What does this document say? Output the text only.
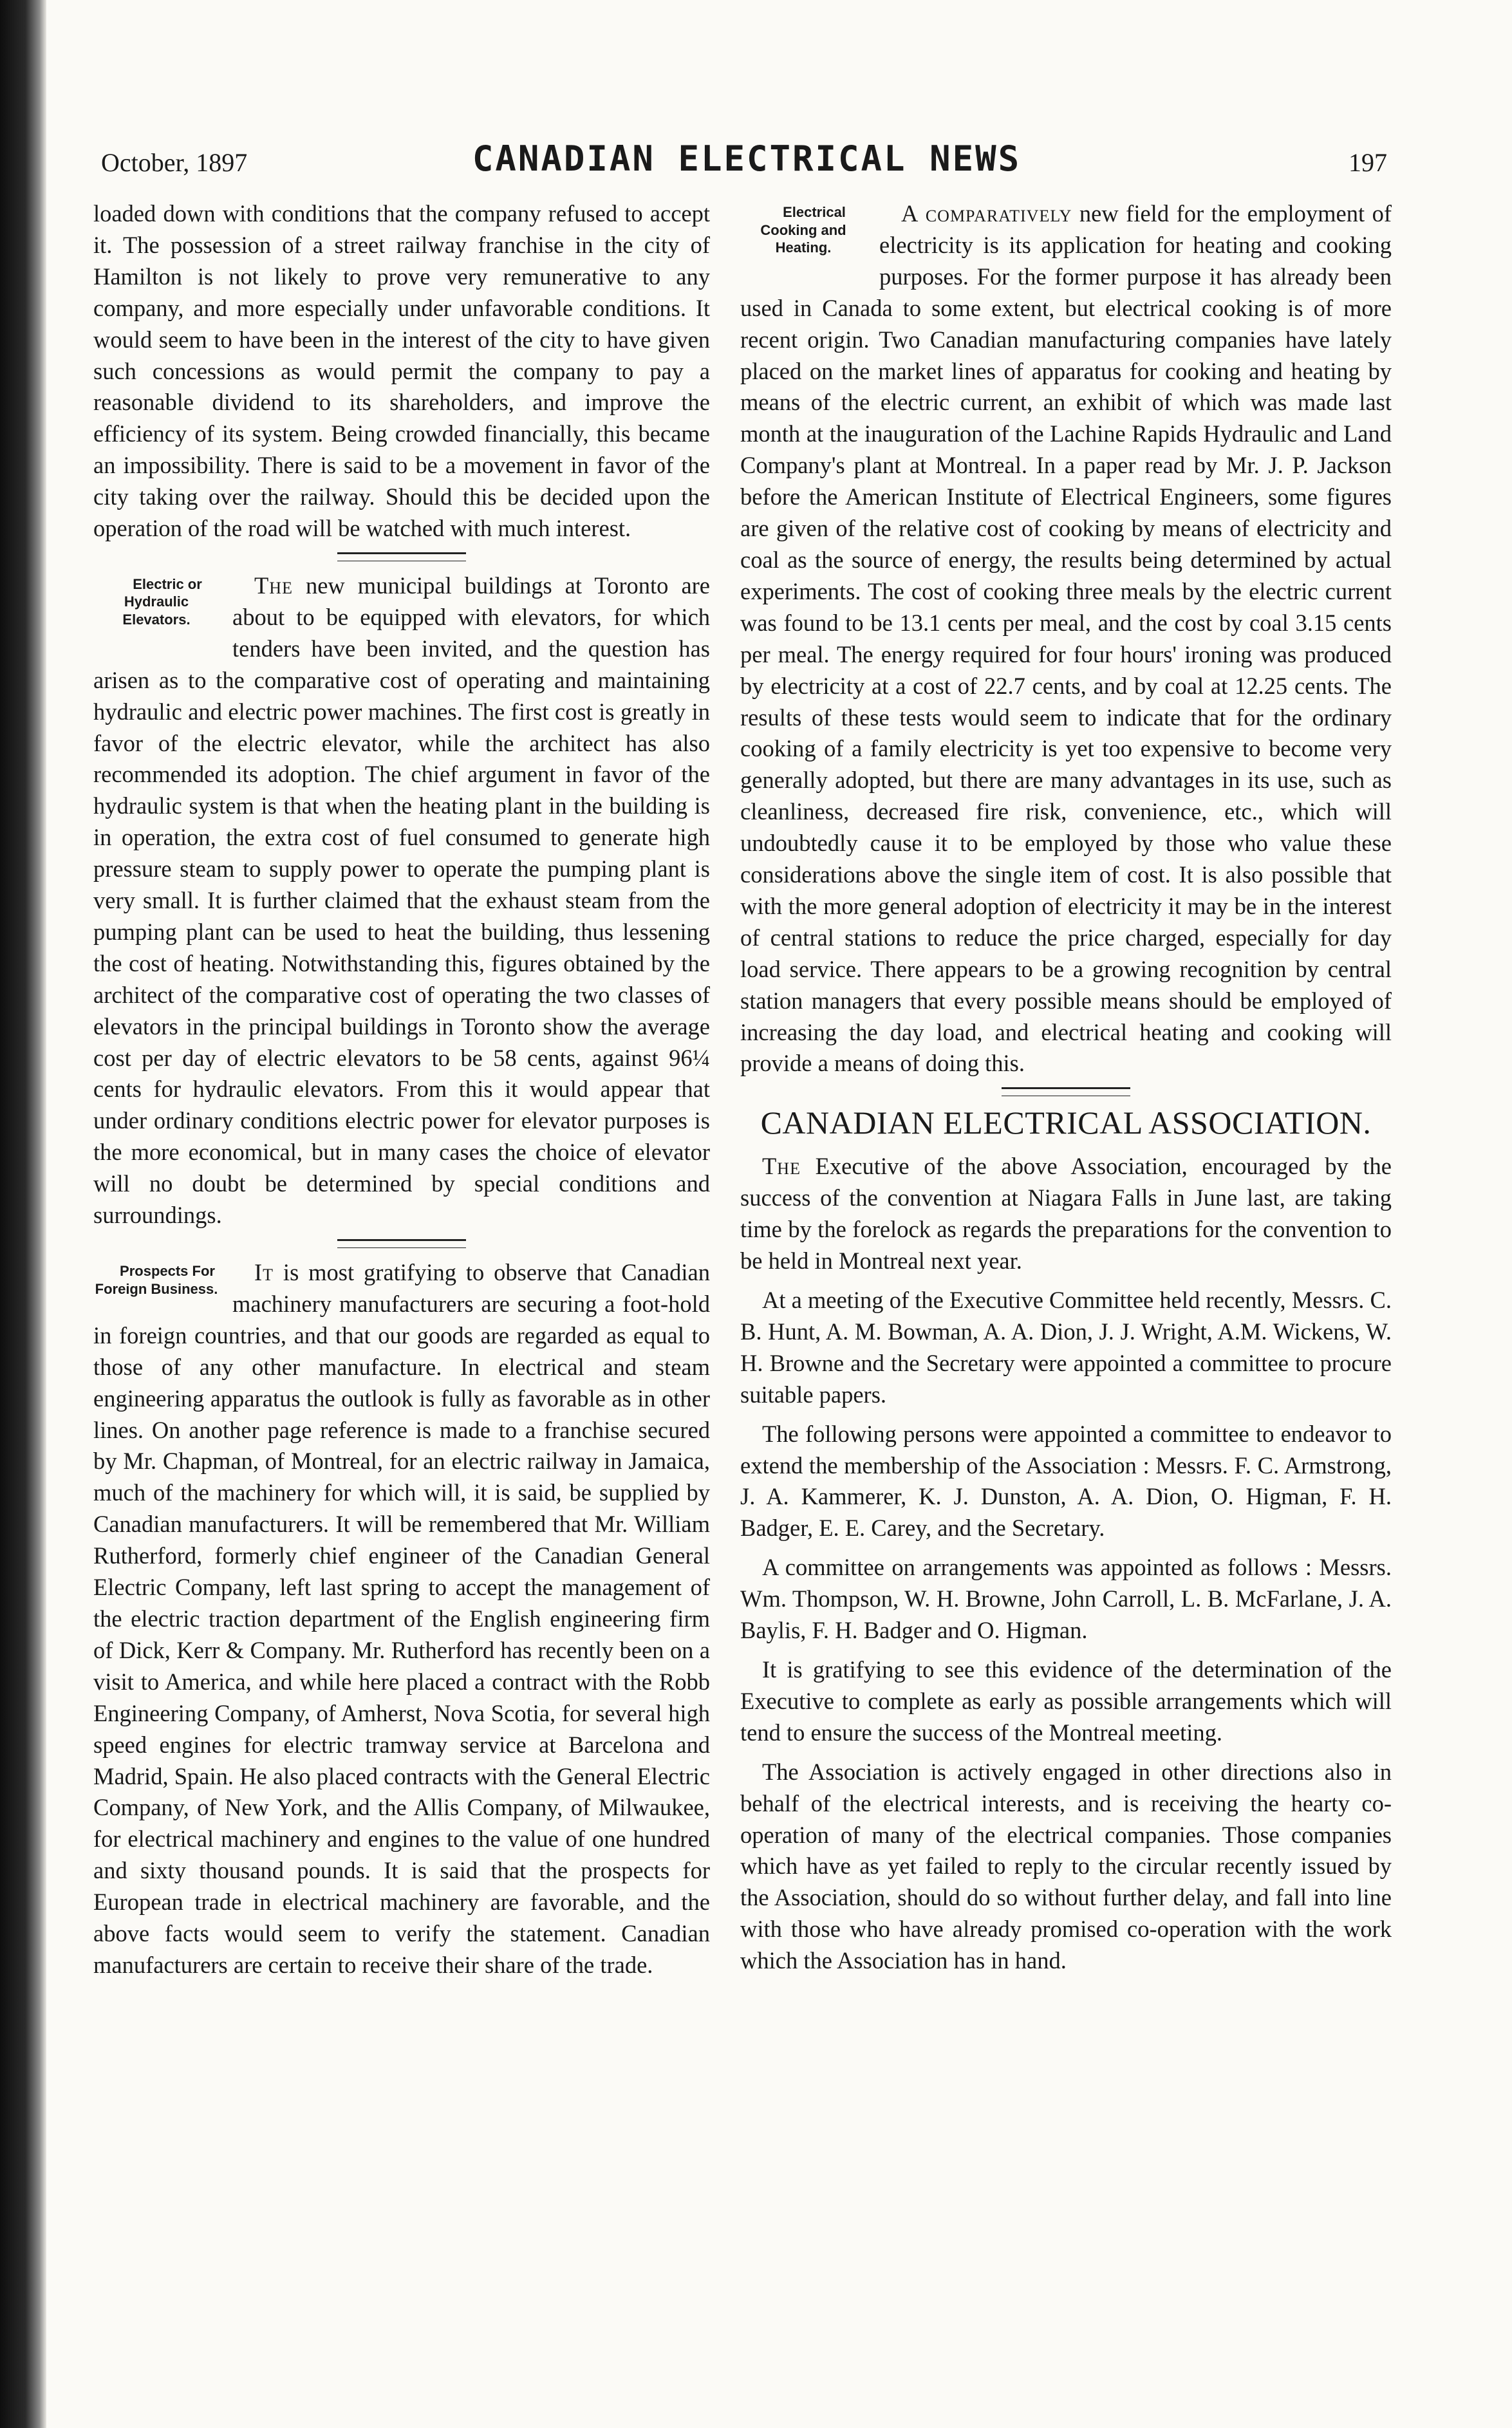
October, 1897	CANADIAN ELECTRICAL NEWS	197

loaded down with conditions that the company refused to accept it. The possession of a street railway franchise in the city of Hamilton is not likely to prove very remunerative to any company, and more especially under unfavorable conditions. It would seem to have been in the interest of the city to have given such concessions as would permit the company to pay a reasonable dividend to its shareholders, and improve the efficiency of its system. Being crowded financially, this became an impossibility. There is said to be a movement in favor of the city taking over the railway. Should this be decided upon the operation of the road will be watched with much interest.

Electric or Hydraulic Elevators.
The new municipal buildings at Toronto are about to be equipped with elevators, for which tenders have been invited, and the question has arisen as to the comparative cost of operating and maintaining hydraulic and electric power machines. The first cost is greatly in favor of the electric elevator, while the architect has also recommended its adoption. The chief argument in favor of the hydraulic system is that when the heating plant in the building is in operation, the extra cost of fuel consumed to generate high pressure steam to supply power to operate the pumping plant is very small. It is further claimed that the exhaust steam from the pumping plant can be used to heat the building, thus lessening the cost of heating. Notwithstanding this, figures obtained by the architect of the comparative cost of operating the two classes of elevators in the principal buildings in Toronto show the average cost per day of electric elevators to be 58 cents, against 96¼ cents for hydraulic elevators. From this it would appear that under ordinary conditions electric power for elevator purposes is the more economical, but in many cases the choice of elevator will no doubt be determined by special conditions and surroundings.

Prospects For Foreign Business.
It is most gratifying to observe that Canadian machinery manufacturers are securing a foot-hold in foreign countries, and that our goods are regarded as equal to those of any other manufacture. In electrical and steam engineering apparatus the outlook is fully as favorable as in other lines. On another page reference is made to a franchise secured by Mr. Chapman, of Montreal, for an electric railway in Jamaica, much of the machinery for which will, it is said, be supplied by Canadian manufacturers. It will be remembered that Mr. William Rutherford, formerly chief engineer of the Canadian General Electric Company, left last spring to accept the management of the electric traction department of the English engineering firm of Dick, Kerr & Company. Mr. Rutherford has recently been on a visit to America, and while here placed a contract with the Robb Engineering Company, of Amherst, Nova Scotia, for several high speed engines for electric tramway service at Barcelona and Madrid, Spain. He also placed contracts with the General Electric Company, of New York, and the Allis Company, of Milwaukee, for electrical machinery and engines to the value of one hundred and sixty thousand pounds. It is said that the prospects for European trade in electrical machinery are favorable, and the above facts would seem to verify the statement. Canadian manufacturers are certain to receive their share of the trade.

Electrical Cooking and Heating.
A comparatively new field for the employment of electricity is its application for heating and cooking purposes. For the former purpose it has already been used in Canada to some extent, but electrical cooking is of more recent origin. Two Canadian manufacturing companies have lately placed on the market lines of apparatus for cooking and heating by means of the electric current, an exhibit of which was made last month at the inauguration of the Lachine Rapids Hydraulic and Land Company's plant at Montreal. In a paper read by Mr. J. P. Jackson before the American Institute of Electrical Engineers, some figures are given of the relative cost of cooking by means of electricity and coal as the source of energy, the results being determined by actual experiments. The cost of cooking three meals by the electric current was found to be 13.1 cents per meal, and the cost by coal 3.15 cents per meal. The energy required for four hours' ironing was produced by electricity at a cost of 22.7 cents, and by coal at 12.25 cents. The results of these tests would seem to indicate that for the ordinary cooking of a family electricity is yet too expensive to become very generally adopted, but there are many advantages in its use, such as cleanliness, decreased fire risk, convenience, etc., which will undoubtedly cause it to be employed by those who value these considerations above the single item of cost. It is also possible that with the more general adoption of electricity it may be in the interest of central stations to reduce the price charged, especially for day load service. There appears to be a growing recognition by central station managers that every possible means should be employed of increasing the day load, and electrical heating and cooking will provide a means of doing this.

CANADIAN ELECTRICAL ASSOCIATION.

The Executive of the above Association, encouraged by the success of the convention at Niagara Falls in June last, are taking time by the forelock as regards the preparations for the convention to be held in Montreal next year.

At a meeting of the Executive Committee held recently, Messrs. C. B. Hunt, A. M. Bowman, A. A. Dion, J. J. Wright, A.M. Wickens, W. H. Browne and the Secretary were appointed a committee to procure suitable papers.

The following persons were appointed a committee to endeavor to extend the membership of the Association : Messrs. F. C. Armstrong, J. A. Kammerer, K. J. Dunston, A. A. Dion, O. Higman, F. H. Badger, E. E. Carey, and the Secretary.

A committee on arrangements was appointed as follows : Messrs. Wm. Thompson, W. H. Browne, John Carroll, L. B. McFarlane, J. A. Baylis, F. H. Badger and O. Higman.

It is gratifying to see this evidence of the determination of the Executive to complete as early as possible arrangements which will tend to ensure the success of the Montreal meeting.

The Association is actively engaged in other directions also in behalf of the electrical interests, and is receiving the hearty co-operation of many of the electrical companies. Those companies which have as yet failed to reply to the circular recently issued by the Association, should do so without further delay, and fall into line with those who have already promised co-operation with the work which the Association has in hand.
